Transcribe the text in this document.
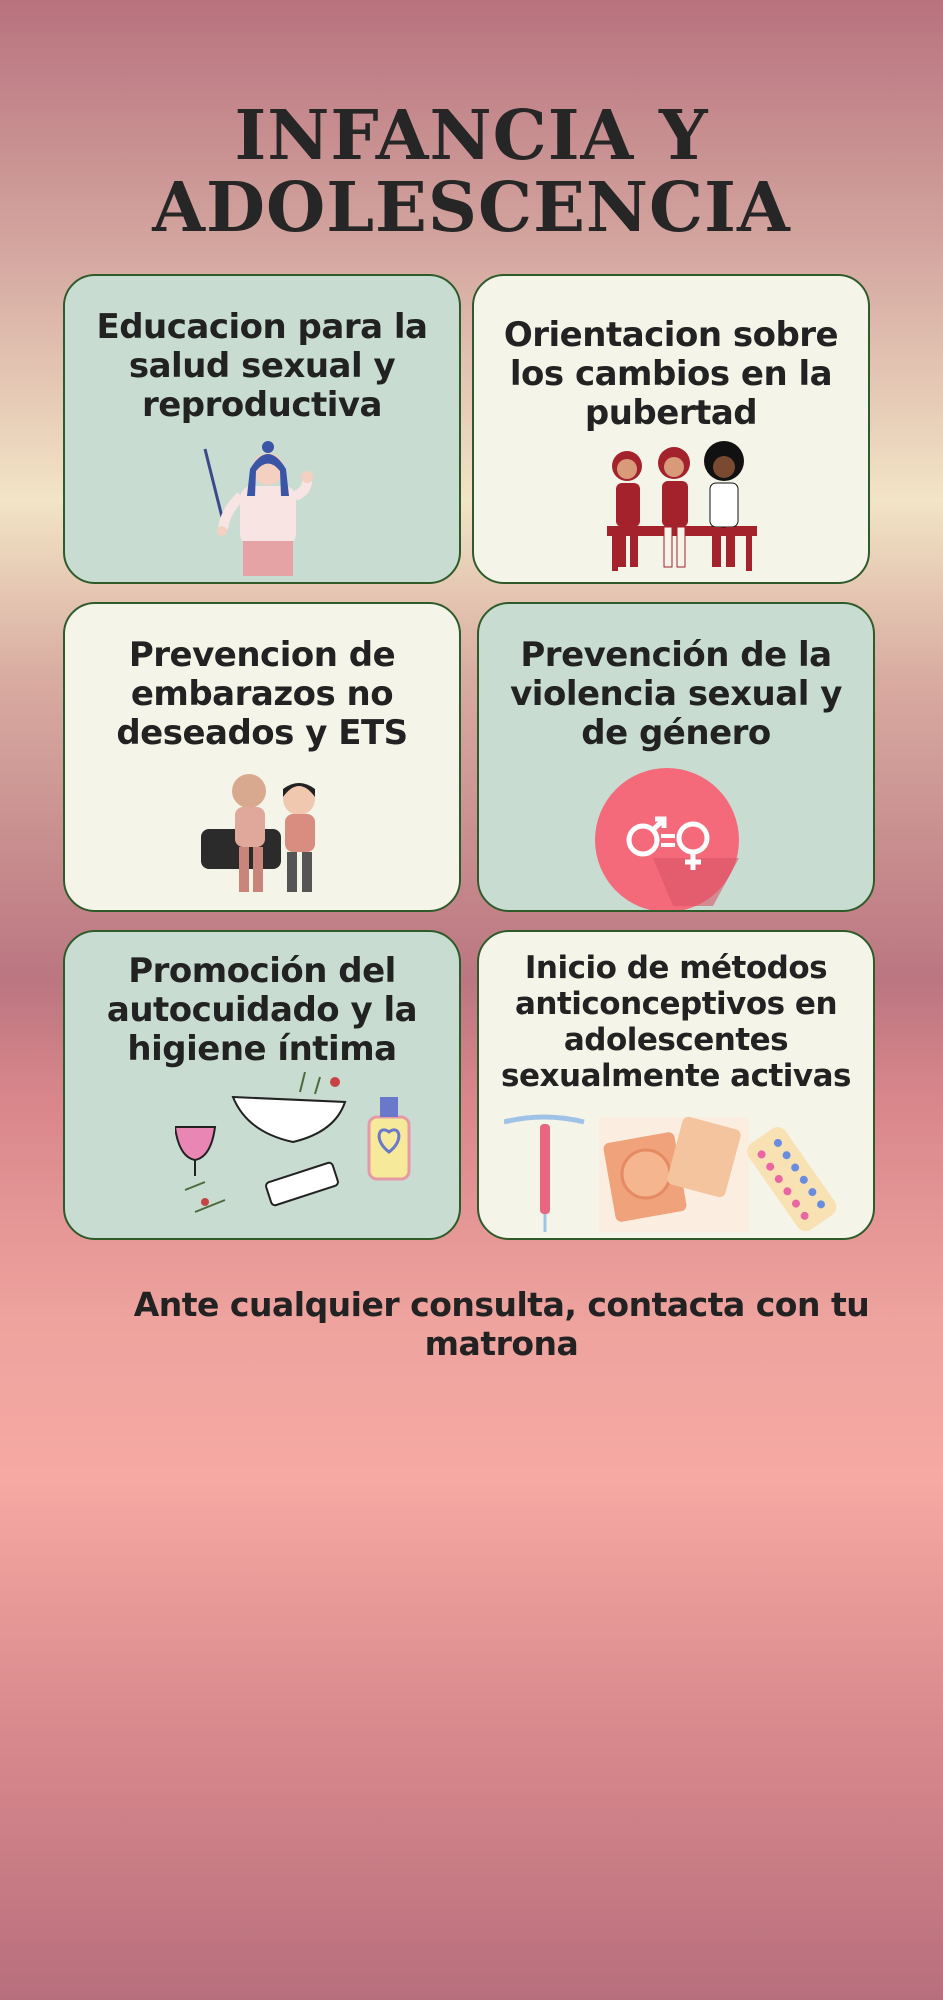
INFANCIA Y
ADOLESCENCIA
Educacion para la
salud sexual y
reproductiva
Orientacion sobre
los cambios en la
pubertad
Prevencion de
embarazos no
deseados y ETS
Prevención de la
violencia sexual y
de género
Promoción del
autocuidado y la
higiene íntima
Inicio de métodos
anticonceptivos en
adolescentes
sexualmente activas
Ante cualquier consulta, contacta con tu matrona
